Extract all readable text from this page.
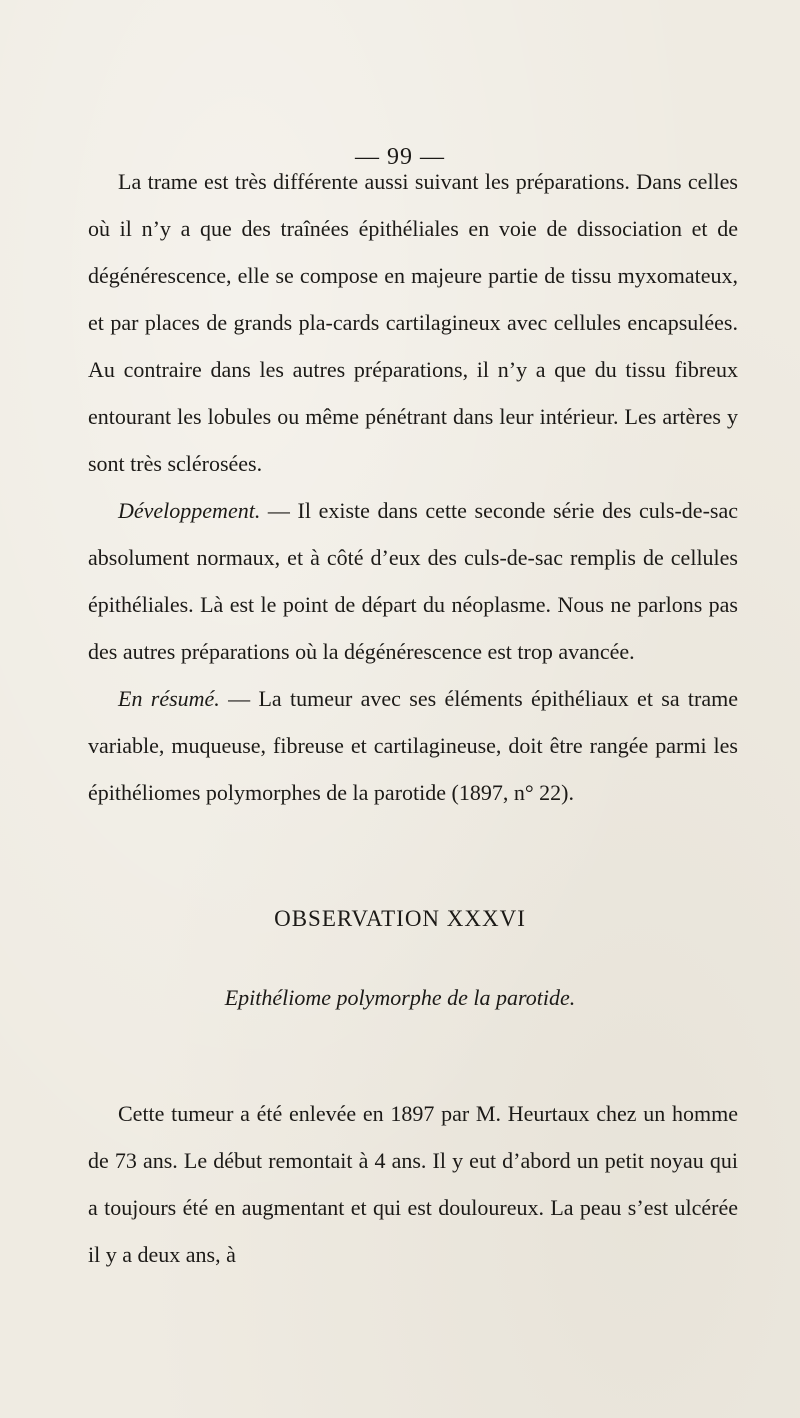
— 99 —

La trame est très différente aussi suivant les préparations. Dans celles où il n’y a que des traînées épithéliales en voie de dissociation et de dégénérescence, elle se compose en majeure partie de tissu myxomateux, et par places de grands pla-cards cartilagineux avec cellules encapsulées. Au contraire dans les autres préparations, il n’y a que du tissu fibreux entourant les lobules ou même pénétrant dans leur intérieur. Les artères y sont très sclérosées.

Développement. — Il existe dans cette seconde série des culs-de-sac absolument normaux, et à côté d’eux des culs-de-sac remplis de cellules épithéliales. Là est le point de départ du néoplasme. Nous ne parlons pas des autres préparations où la dégénérescence est trop avancée.

En résumé. — La tumeur avec ses éléments épithéliaux et sa trame variable, muqueuse, fibreuse et cartilagineuse, doit être rangée parmi les épithéliomes polymorphes de la parotide (1897, n° 22).

OBSERVATION XXXVI
Epithéliome polymorphe de la parotide.

Cette tumeur a été enlevée en 1897 par M. Heurtaux chez un homme de 73 ans. Le début remontait à 4 ans. Il y eut d’abord un petit noyau qui a toujours été en augmentant et qui est douloureux. La peau s’est ulcérée il y a deux ans, à
